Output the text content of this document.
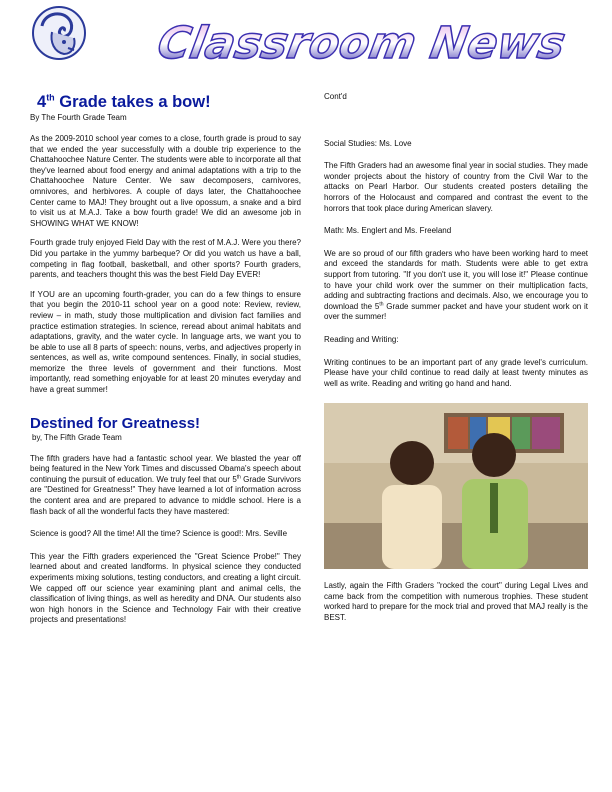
Classroom News
4th Grade takes a bow!
By The Fourth Grade Team

As the 2009-2010 school year comes to a close, fourth grade is proud to say that we ended the year successfully with a double trip experience to the Chattahoochee Nature Center. The students were able to incorporate all that they've learned about food energy and animal adaptations with a trip to the Chattahoochee Nature Center. We saw decomposers, carnivores, omnivores, and herbivores. A couple of days later, the Chattahoochee Center came to MAJ! They brought out a live opossum, a snake and a bird to visit us at M.A.J. Take a bow fourth grade! We did an awesome job in SHOWING WHAT WE KNOW!

Fourth grade truly enjoyed Field Day with the rest of M.A.J. Were you there? Did you partake in the yummy barbeque? Or did you watch us have a ball, competing in flag football, basketball, and other sports? Fourth graders, parents, and teachers thought this was the best Field Day EVER!

If YOU are an upcoming fourth-grader, you can do a few things to ensure that you begin the 2010-11 school year on a good note: Review, review, review – in math, study those multiplication and division fact families and practice estimation strategies. In science, reread about animal habitats and adaptations, gravity, and the water cycle. In language arts, we want you to be able to use all 8 parts of speech: nouns, verbs, and adjectives properly in sentences, as well as, write compound sentences. Finally, in social studies, memorize the three levels of government and their functions. Most importantly, read something enjoyable for at least 20 minutes everyday and have a great summer!

Destined for Greatness!
by, The Fifth Grade Team

The fifth graders have had a fantastic school year. We blasted the year off being featured in the New York Times and discussed Obama's speech about continuing the pursuit of education. We truly feel that our 5th Grade Survivors are "Destined for Greatness!" They have learned a lot of information across the content area and are prepared to advance to middle school. Here is a flash back of all the wonderful facts they have mastered:

Science is good? All the time! All the time? Science is good!: Mrs. Seville

This year the Fifth graders experienced the "Great Science Probe!" They learned about and created landforms. In physical science they conducted experiments mixing solutions, testing conductors, and creating a light circuit. We capped off our science year examining plant and animal cells, the classification of living things, as well as heredity and DNA. Our students also won high honors in the Science and Technology Fair with their creative projects and presentations!

Cont'd
Social Studies: Ms. Love

The Fifth Graders had an awesome final year in social studies. They made wonder projects about the history of country from the Civil War to the attacks on Pearl Harbor. Our students created posters detailing the horrors of the Holocaust and compared and contrast the event to the horrors that took place during American slavery.

Math: Ms. Englert and Ms. Freeland

We are so proud of our fifth graders who have been working hard to meet and exceed the standards for math. Students were able to get extra support from tutoring. "If you don't use it, you will lose it!" Please continue to have your child work over the summer on their multiplication facts, adding and subtracting fractions and decimals. Also, we encourage you to download the 5th Grade summer packet and have your student work on it over the summer!

Reading and Writing:

Writing continues to be an important part of any grade level's curriculum. Please have your child continue to read daily at least twenty minutes as well as write. Reading and writing go hand and hand.

Lastly, again the Fifth Graders "rocked the court" during Legal Lives and came back from the competition with numerous trophies. These student worked hard to prepare for the mock trial and proved that MAJ really is the BEST.
